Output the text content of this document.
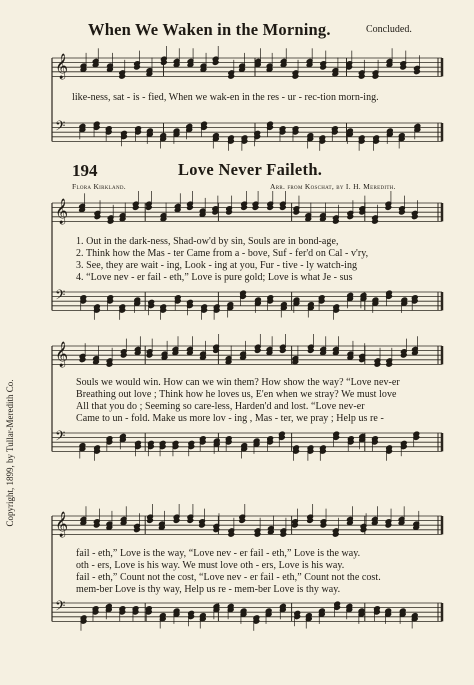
𝄞
𝄢
𝄞
𝄢
𝄞
𝄢
𝄞
𝄢
When We Waken in the Morning.	Concluded.
like-ness, sat - is - fied, When we wak-en in the res - ur - rec-tion morn-ing.
194	Love Never Faileth.
Flora Kirkland.	Arr. from Koschat, by I. H. Meredith.
Copyright, 1899, by Tullar-Meredith Co.
1. Out in the dark-ness, Shad-ow'd by sin, Souls are in bond-age,
2. Think how the Mas - ter Came from a - bove, Suf - fer'd on Cal - v'ry,
3. See, they are wait - ing, Look - ing at you, Fur - tive - ly watch-ing
4. “Love nev - er fail - eth,” Love is pure gold; Love is what Je - sus
Souls we would win. How can we win them? How show the way? “Love nev-er
Breathing out love ; Think how he loves us, E'en when we stray? We must love
All that you do ; Seeming so care-less, Harden'd and lost. “Love nev-er
Came to un - fold. Make us more lov - ing , Mas - ter, we pray ; Help us re -
fail - eth,” Love is the way, “Love nev - er fail - eth,” Love is the way.
oth - ers, Love is his way. We must love oth - ers, Love is his way.
fail - eth,” Count not the cost, “Love nev - er fail - eth,” Count not the cost.
mem-ber Love is thy way, Help us re - mem-ber Love is thy way.
